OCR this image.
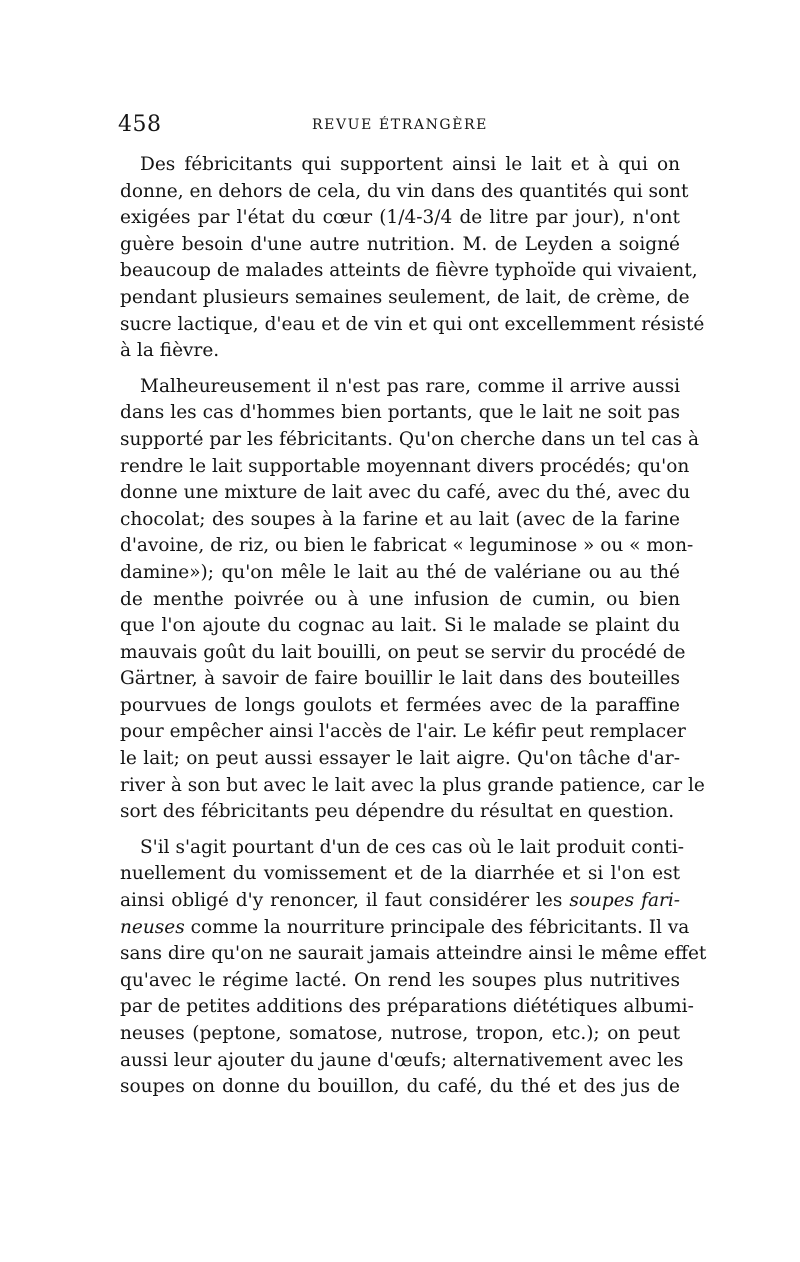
458	REVUE ÉTRANGÈRE
Des fébricitants qui supportent ainsi le lait et à qui on
donne, en dehors de cela, du vin dans des quantités qui sont
exigées par l'état du cœur (1/4-3/4 de litre par jour), n'ont
guère besoin d'une autre nutrition. M. de Leyden a soigné
beaucoup de malades atteints de fièvre typhoïde qui vivaient,
pendant plusieurs semaines seulement, de lait, de crème, de
sucre lactique, d'eau et de vin et qui ont excellemment résisté
à la fièvre.
Malheureusement il n'est pas rare, comme il arrive aussi
dans les cas d'hommes bien portants, que le lait ne soit pas
supporté par les fébricitants. Qu'on cherche dans un tel cas à
rendre le lait supportable moyennant divers procédés; qu'on
donne une mixture de lait avec du café, avec du thé, avec du
chocolat; des soupes à la farine et au lait (avec de la farine
d'avoine, de riz, ou bien le fabricat « leguminose » ou « mon-
damine»); qu'on mêle le lait au thé de valériane ou au thé
de menthe poivrée ou à une infusion de cumin, ou bien
que l'on ajoute du cognac au lait. Si le malade se plaint du
mauvais goût du lait bouilli, on peut se servir du procédé de
Gärtner, à savoir de faire bouillir le lait dans des bouteilles
pourvues de longs goulots et fermées avec de la paraffine
pour empêcher ainsi l'accès de l'air. Le kéfir peut remplacer
le lait; on peut aussi essayer le lait aigre. Qu'on tâche d'ar-
river à son but avec le lait avec la plus grande patience, car le
sort des fébricitants peu dépendre du résultat en question.
S'il s'agit pourtant d'un de ces cas où le lait produit conti-
nuellement du vomissement et de la diarrhée et si l'on est
ainsi obligé d'y renoncer, il faut considérer les soupes fari-
neuses comme la nourriture principale des fébricitants. Il va
sans dire qu'on ne saurait jamais atteindre ainsi le même effet
qu'avec le régime lacté. On rend les soupes plus nutritives
par de petites additions des préparations diététiques albumi-
neuses (peptone, somatose, nutrose, tropon, etc.); on peut
aussi leur ajouter du jaune d'œufs; alternativement avec les
soupes on donne du bouillon, du café, du thé et des jus de
